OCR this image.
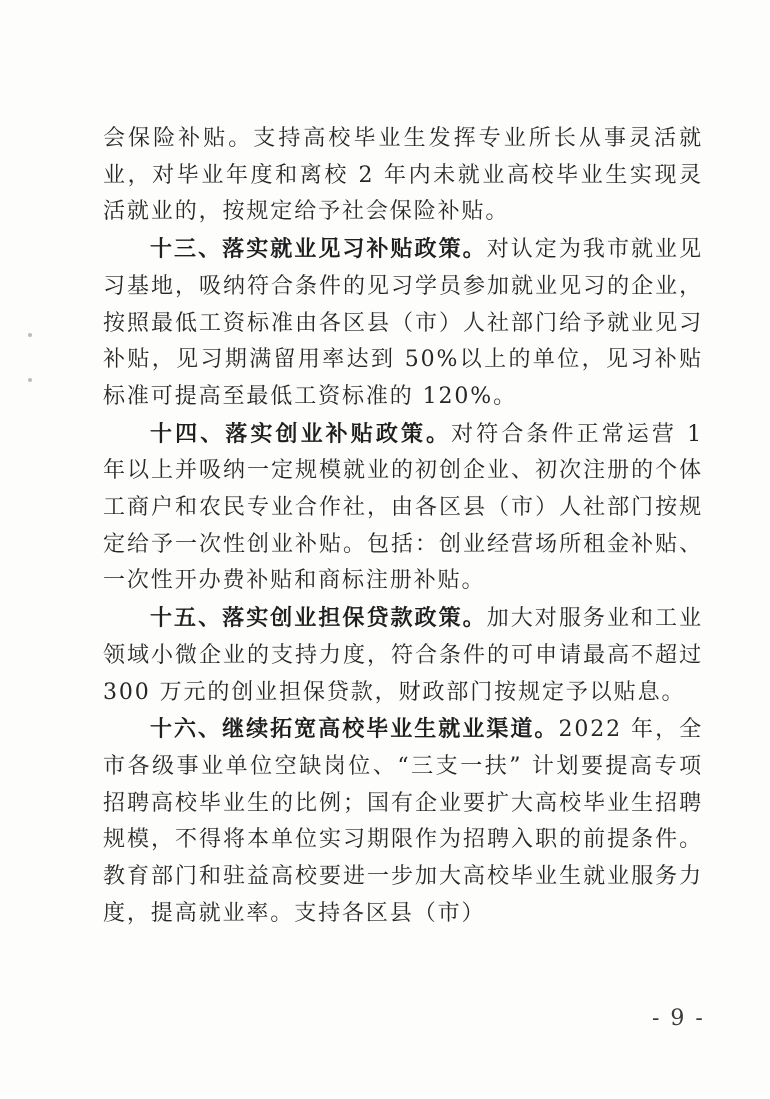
会保险补贴。支持高校毕业生发挥专业所长从事灵活就业，对毕业年度和离校 2 年内未就业高校毕业生实现灵活就业的，按规定给予社会保险补贴。

十三、落实就业见习补贴政策。对认定为我市就业见习基地，吸纳符合条件的见习学员参加就业见习的企业，按照最低工资标准由各区县（市）人社部门给予就业见习补贴，见习期满留用率达到 50%以上的单位，见习补贴标准可提高至最低工资标准的 120%。

十四、落实创业补贴政策。对符合条件正常运营 1 年以上并吸纳一定规模就业的初创企业、初次注册的个体工商户和农民专业合作社，由各区县（市）人社部门按规定给予一次性创业补贴。包括：创业经营场所租金补贴、一次性开办费补贴和商标注册补贴。

十五、落实创业担保贷款政策。加大对服务业和工业领域小微企业的支持力度，符合条件的可申请最高不超过 300 万元的创业担保贷款，财政部门按规定予以贴息。

十六、继续拓宽高校毕业生就业渠道。2022 年，全市各级事业单位空缺岗位、“三支一扶” 计划要提高专项招聘高校毕业生的比例；国有企业要扩大高校毕业生招聘规模，不得将本单位实习期限作为招聘入职的前提条件。教育部门和驻益高校要进一步加大高校毕业生就业服务力度，提高就业率。支持各区县（市）

- 9 -
